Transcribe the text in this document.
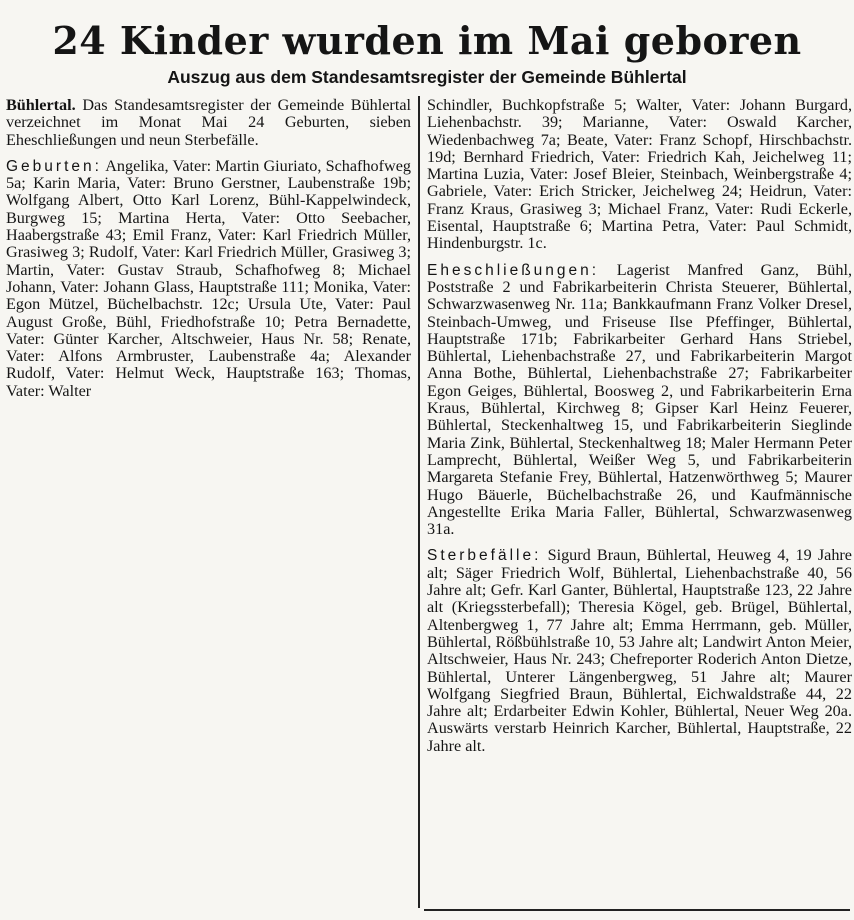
24 Kinder wurden im Mai geboren
Auszug aus dem Standesamtsregister der Gemeinde Bühlertal

Bühlertal. Das Standesamtsregister der Gemeinde Bühlertal verzeichnet im Monat Mai 24 Geburten, sieben Eheschließungen und neun Sterbefälle.

Geburten: Angelika, Vater: Martin Giuriato, Schafhofweg 5a; Karin Maria, Vater: Bruno Gerstner, Laubenstraße 19b; Wolfgang Albert, Otto Karl Lorenz, Bühl-Kappelwindeck, Burgweg 15; Martina Herta, Vater: Otto Seebacher, Haabergstraße 43; Emil Franz, Vater: Karl Friedrich Müller, Grasiweg 3; Rudolf, Vater: Karl Friedrich Müller, Grasiweg 3; Martin, Vater: Gustav Straub, Schafhofweg 8; Michael Johann, Vater: Johann Glass, Hauptstraße 111; Monika, Vater: Egon Mützel, Büchelbachstr. 12c; Ursula Ute, Vater: Paul August Große, Bühl, Friedhofstraße 10; Petra Bernadette, Vater: Günter Karcher, Altschweier, Haus Nr. 58; Renate, Vater: Alfons Armbruster, Laubenstraße 4a; Alexander Rudolf, Vater: Helmut Weck, Hauptstraße 163; Thomas, Vater: Walter

Schindler, Buchkopfstraße 5; Walter, Vater: Johann Burgard, Liehenbachstr. 39; Marianne, Vater: Oswald Karcher, Wiedenbachweg 7a; Beate, Vater: Franz Schopf, Hirschbachstr. 19d; Bernhard Friedrich, Vater: Friedrich Kah, Jeichelweg 11; Martina Luzia, Vater: Josef Bleier, Steinbach, Weinbergstraße 4; Gabriele, Vater: Erich Stricker, Jeichelweg 24; Heidrun, Vater: Franz Kraus, Grasiweg 3; Michael Franz, Vater: Rudi Eckerle, Eisental, Hauptstraße 6; Martina Petra, Vater: Paul Schmidt, Hindenburgstr. 1c.

Eheschließungen: Lagerist Manfred Ganz, Bühl, Poststraße 2 und Fabrikarbeiterin Christa Steuerer, Bühlertal, Schwarzwasenweg Nr. 11a; Bankkaufmann Franz Volker Dresel, Steinbach-Umweg, und Friseuse Ilse Pfeffinger, Bühlertal, Hauptstraße 171b; Fabrikarbeiter Gerhard Hans Striebel, Bühlertal, Liehenbachstraße 27, und Fabrikarbeiterin Margot Anna Bothe, Bühlertal, Liehenbachstraße 27; Fabrikarbeiter Egon Geiges, Bühlertal, Boosweg 2, und Fabrikarbeiterin Erna Kraus, Bühlertal, Kirchweg 8; Gipser Karl Heinz Feuerer, Bühlertal, Steckenhaltweg 15, und Fabrikarbeiterin Sieglinde Maria Zink, Bühlertal, Steckenhaltweg 18; Maler Hermann Peter Lamprecht, Bühlertal, Weißer Weg 5, und Fabrikarbeiterin Margareta Stefanie Frey, Bühlertal, Hatzenwörthweg 5; Maurer Hugo Bäuerle, Büchelbachstraße 26, und Kaufmännische Angestellte Erika Maria Faller, Bühlertal, Schwarzwasenweg 31a.

Sterbefälle: Sigurd Braun, Bühlertal, Heuweg 4, 19 Jahre alt; Säger Friedrich Wolf, Bühlertal, Liehenbachstraße 40, 56 Jahre alt; Gefr. Karl Ganter, Bühlertal, Hauptstraße 123, 22 Jahre alt (Kriegssterbefall); Theresia Kögel, geb. Brügel, Bühlertal, Altenbergweg 1, 77 Jahre alt; Emma Herrmann, geb. Müller, Bühlertal, Rößbühlstraße 10, 53 Jahre alt; Landwirt Anton Meier, Altschweier, Haus Nr. 243; Chefreporter Roderich Anton Dietze, Bühlertal, Unterer Längenbergweg, 51 Jahre alt; Maurer Wolfgang Siegfried Braun, Bühlertal, Eichwaldstraße 44, 22 Jahre alt; Erdarbeiter Edwin Kohler, Bühlertal, Neuer Weg 20a. Auswärts verstarb Heinrich Karcher, Bühlertal, Hauptstraße, 22 Jahre alt.
